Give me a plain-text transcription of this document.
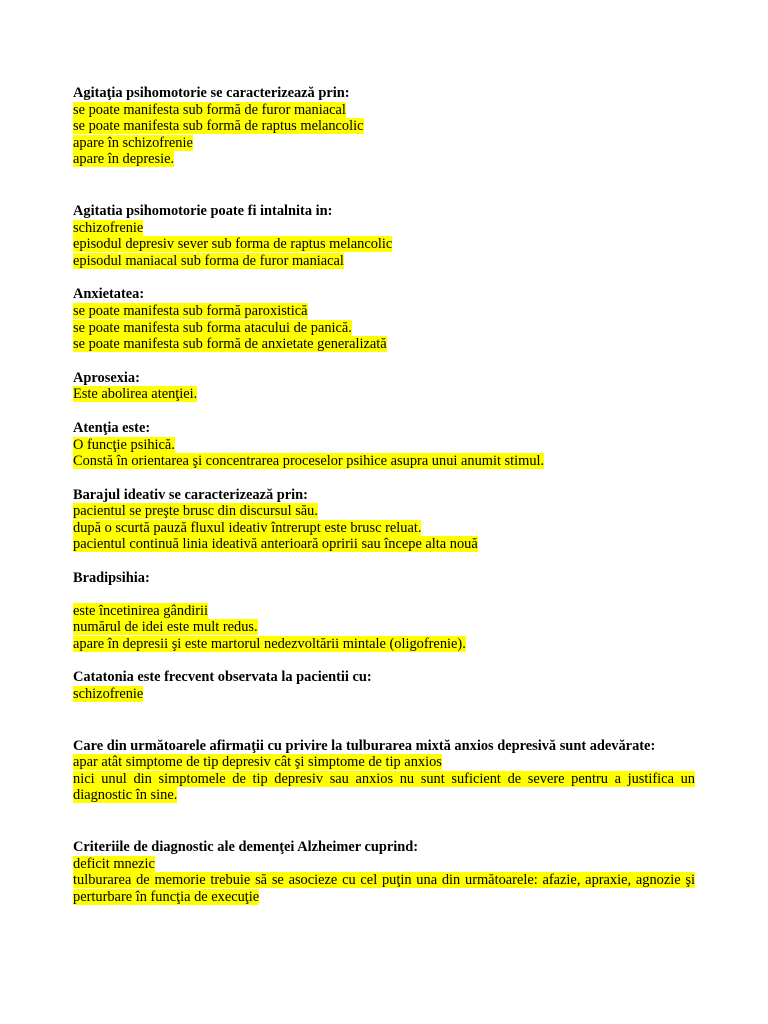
Agitaţia psihomotorie se caracterizează prin:
se poate manifesta sub formă de furor maniacal
se poate manifesta sub formă de raptus melancolic
apare în schizofrenie
apare în depresie.
Agitatia psihomotorie poate fi intalnita in:
schizofrenie
episodul depresiv sever sub forma de raptus melancolic
episodul maniacal sub forma de furor maniacal
Anxietatea:
se poate manifesta sub formă paroxistică
se poate manifesta sub forma atacului de panică.
se poate manifesta sub formă de anxietate generalizată
Aprosexia:
Este abolirea atenţiei.
Atenţia este:
O funcţie psihică.
Constă în orientarea şi concentrarea proceselor psihice asupra unui anumit stimul.
Barajul ideativ se caracterizează prin:
pacientul se preşte brusc din discursul său.
după o scurtă pauză fluxul ideativ întrerupt este brusc reluat.
pacientul continuă linia ideativă anterioară opririi sau începe alta nouă
Bradipsihia:
este încetinirea gândirii
numărul de idei este mult redus.
apare în depresii şi este martorul nedezvoltării mintale (oligofrenie).
Catatonia este frecvent observata la pacientii cu:
schizofrenie
Care din următoarele afirmaţii cu privire la tulburarea mixtă anxios depresivă sunt adevărate:
apar atât simptome de tip depresiv cât şi simptome de tip anxios
nici unul din simptomele de tip depresiv sau anxios nu sunt suficient de severe pentru a justifica un diagnostic în sine.
Criteriile de diagnostic ale demenţei Alzheimer cuprind:
deficit mnezic
tulburarea de memorie trebuie să se asocieze cu cel puţin una din următoarele: afazie, apraxie, agnozie şi perturbare în funcţia de execuţie
